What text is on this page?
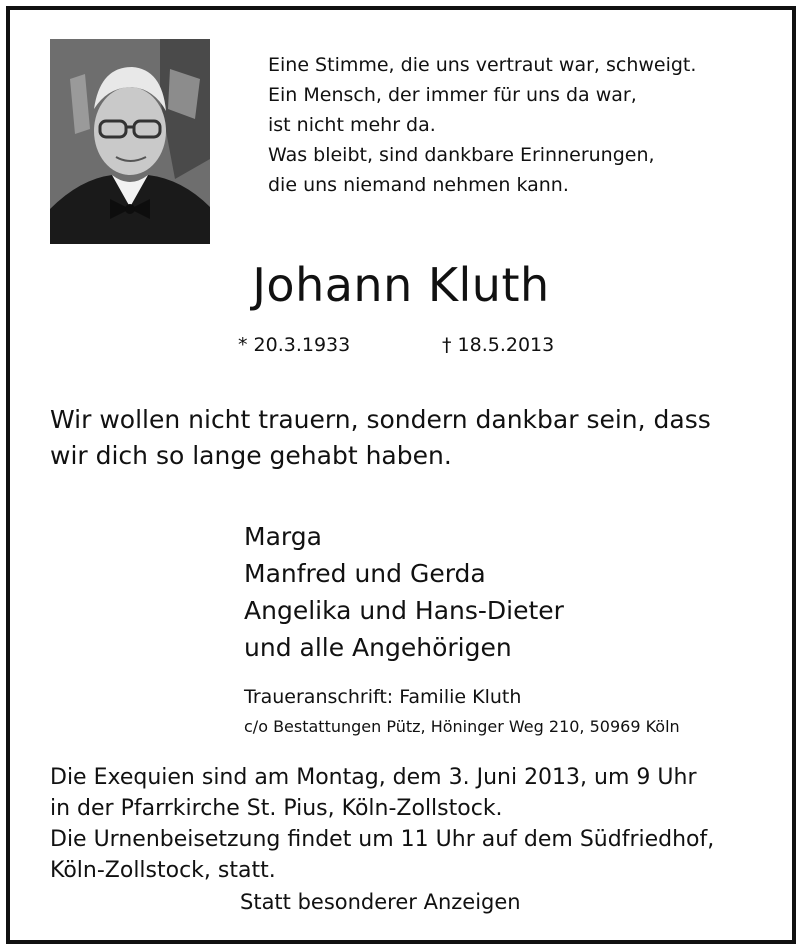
Eine Stimme, die uns vertraut war, schweigt.
Ein Mensch, der immer für uns da war,
ist nicht mehr da.
Was bleibt, sind dankbare Erinnerungen,
die uns niemand nehmen kann.
Johann Kluth
* 20.3.1933	† 18.5.2013
Wir wollen nicht trauern, sondern dankbar sein, dass
wir dich so lange gehabt haben.
Marga
Manfred und Gerda
Angelika und Hans-Dieter
und alle Angehörigen
Traueranschrift: Familie Kluth
c/o Bestattungen Pütz, Höninger Weg 210, 50969 Köln
Die Exequien sind am Montag, dem 3. Juni 2013, um 9 Uhr
in der Pfarrkirche St. Pius, Köln-Zollstock.
Die Urnenbeisetzung findet um 11 Uhr auf dem Südfriedhof,
Köln-Zollstock, statt.
Statt besonderer Anzeigen
